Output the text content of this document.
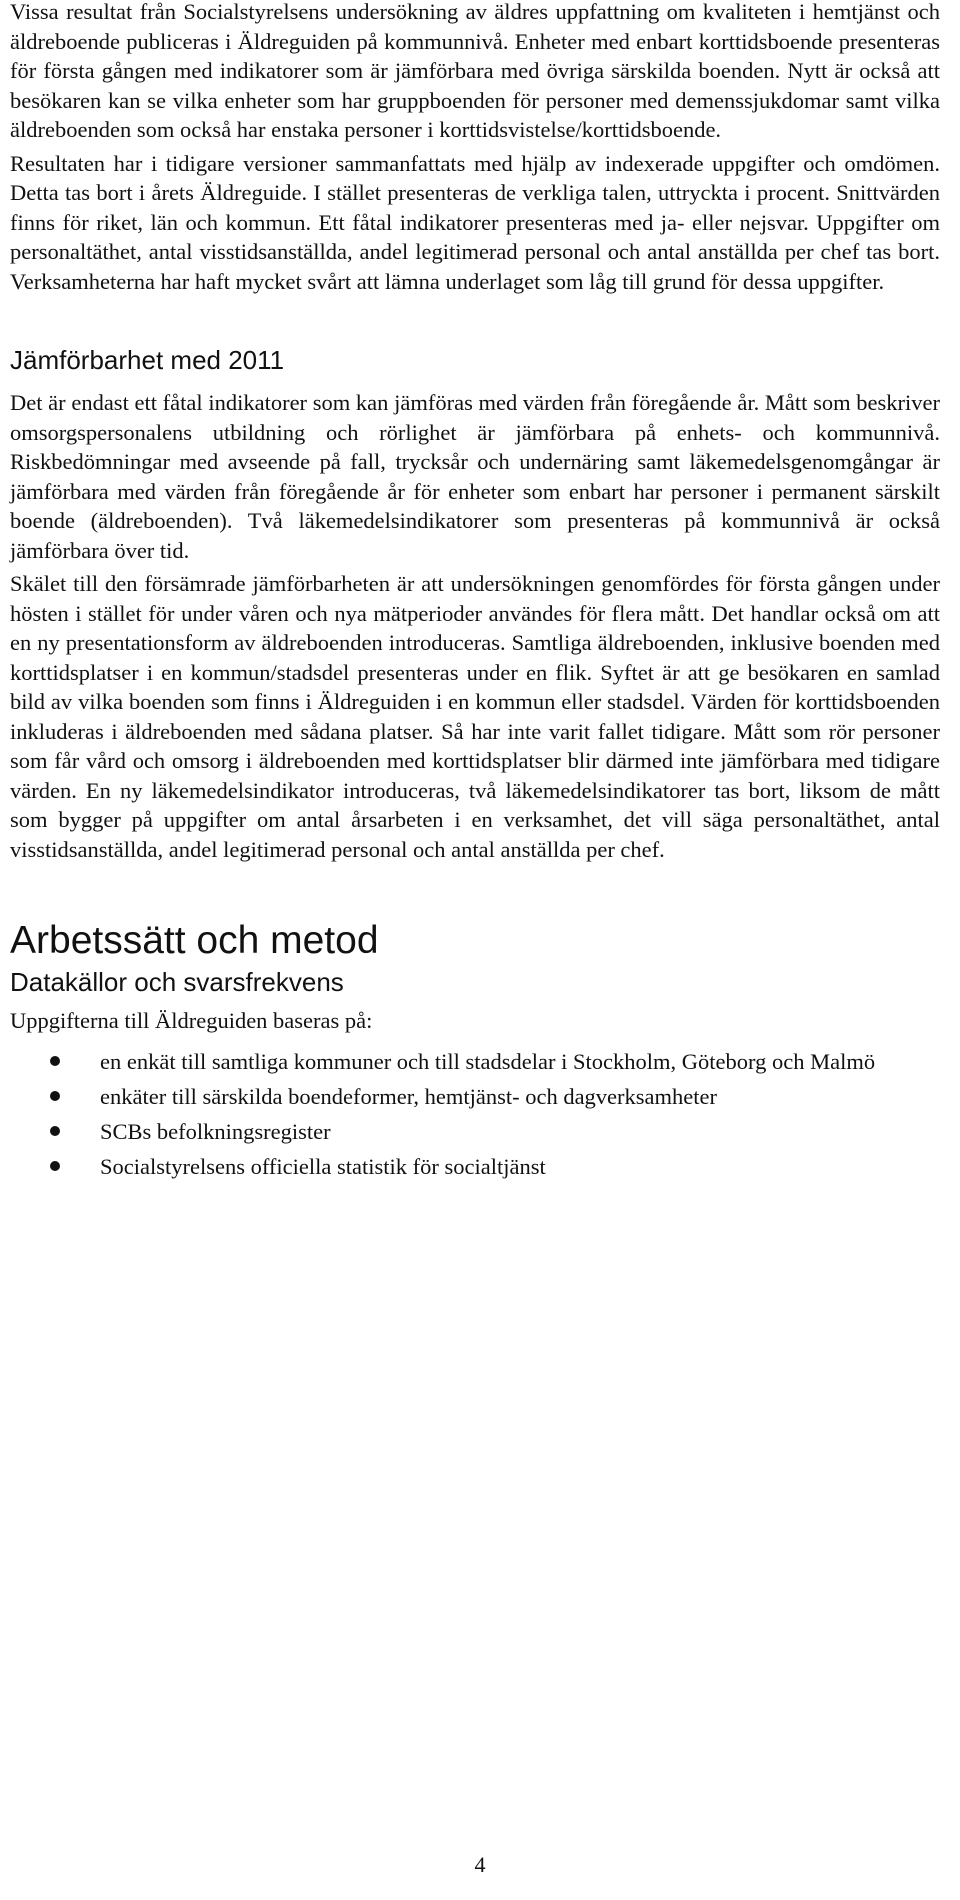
Vissa resultat från Socialstyrelsens undersökning av äldres uppfattning om kvaliteten i hemtjänst och äldreboende publiceras i Äldreguiden på kommunnivå. Enheter med enbart korttidsboende presenteras för första gången med indikatorer som är jämförbara med övriga särskilda boenden. Nytt är också att besökaren kan se vilka enheter som har gruppboenden för personer med demenssjukdomar samt vilka äldreboenden som också har enstaka personer i korttidsvistelse/korttidsboende.

Resultaten har i tidigare versioner sammanfattats med hjälp av indexerade uppgifter och omdömen. Detta tas bort i årets Äldreguide. I stället presenteras de verkliga talen, uttryckta i procent. Snittvärden finns för riket, län och kommun. Ett fåtal indikatorer presenteras med ja- eller nejsvar. Uppgifter om personaltäthet, antal visstidsanställda, andel legitimerad personal och antal anställda per chef tas bort. Verksamheterna har haft mycket svårt att lämna underlaget som låg till grund för dessa uppgifter.

Jämförbarhet med 2011

Det är endast ett fåtal indikatorer som kan jämföras med värden från föregående år. Mått som beskriver omsorgspersonalens utbildning och rörlighet är jämförbara på enhets- och kommunnivå. Riskbedömningar med avseende på fall, trycksår och undernäring samt läkemedelsgenomgångar är jämförbara med värden från föregående år för enheter som enbart har personer i permanent särskilt boende (äldreboenden). Två läkemedelsindikatorer som presenteras på kommunnivå är också jämförbara över tid.

Skälet till den försämrade jämförbarheten är att undersökningen genomfördes för första gången under hösten i stället för under våren och nya mätperioder användes för flera mått. Det handlar också om att en ny presentationsform av äldreboenden introduceras. Samtliga äldreboenden, inklusive boenden med korttidsplatser i en kommun/stadsdel presenteras under en flik. Syftet är att ge besökaren en samlad bild av vilka boenden som finns i Äldreguiden i en kommun eller stadsdel. Värden för korttidsboenden inkluderas i äldreboenden med sådana platser. Så har inte varit fallet tidigare. Mått som rör personer som får vård och omsorg i äldreboenden med korttidsplatser blir därmed inte jämförbara med tidigare värden. En ny läkemedelsindikator introduceras, två läkemedelsindikatorer tas bort, liksom de mått som bygger på uppgifter om antal årsarbeten i en verksamhet, det vill säga personaltäthet, antal visstidsanställda, andel legitimerad personal och antal anställda per chef.

Arbetssätt och metod
Datakällor och svarsfrekvens

Uppgifterna till Äldreguiden baseras på:

en enkät till samtliga kommuner och till stadsdelar i Stockholm, Göteborg och Malmö
enkäter till särskilda boendeformer, hemtjänst- och dagverksamheter
SCBs befolkningsregister
Socialstyrelsens officiella statistik för socialtjänst
4
